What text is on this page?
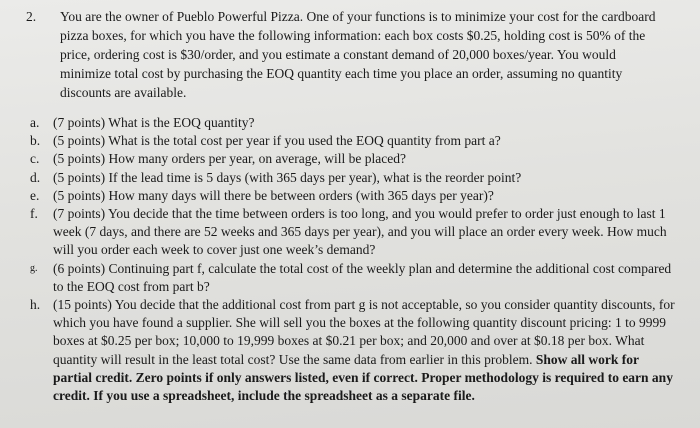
2.	You are the owner of Pueblo Powerful Pizza. One of your functions is to minimize your cost for the cardboard pizza boxes, for which you have the following information: each box costs $0.25, holding cost is 50% of the price, ordering cost is $30/order, and you estimate a constant demand of 20,000 boxes/year. You would minimize total cost by purchasing the EOQ quantity each time you place an order, assuming no quantity discounts are available.
a.	(7 points) What is the EOQ quantity?
b. (5 points) What is the total cost per year if you used the EOQ quantity from part a?
c.	(5 points) How many orders per year, on average, will be placed?
d. (5 points) If the lead time is 5 days (with 365 days per year), what is the reorder point?
e.	(5 points) How many days will there be between orders (with 365 days per year)?
f.	(7 points) You decide that the time between orders is too long, and you would prefer to order just enough to last 1 week (7 days, and there are 52 weeks and 365 days per year), and you will place an order every week. How much will you order each week to cover just one week’s demand?
g.	(6 points) Continuing part f, calculate the total cost of the weekly plan and determine the additional cost compared to the EOQ cost from part b?
h. (15 points) You decide that the additional cost from part g is not acceptable, so you consider quantity discounts, for which you have found a supplier. She will sell you the boxes at the following quantity discount pricing: 1 to 9999 boxes at $0.25 per box; 10,000 to 19,999 boxes at $0.21 per box; and 20,000 and over at $0.18 per box. What quantity will result in the least total cost? Use the same data from earlier in this problem. Show all work for partial credit. Zero points if only answers listed, even if correct. Proper methodology is required to earn any credit. If you use a spreadsheet, include the spreadsheet as a separate file.
